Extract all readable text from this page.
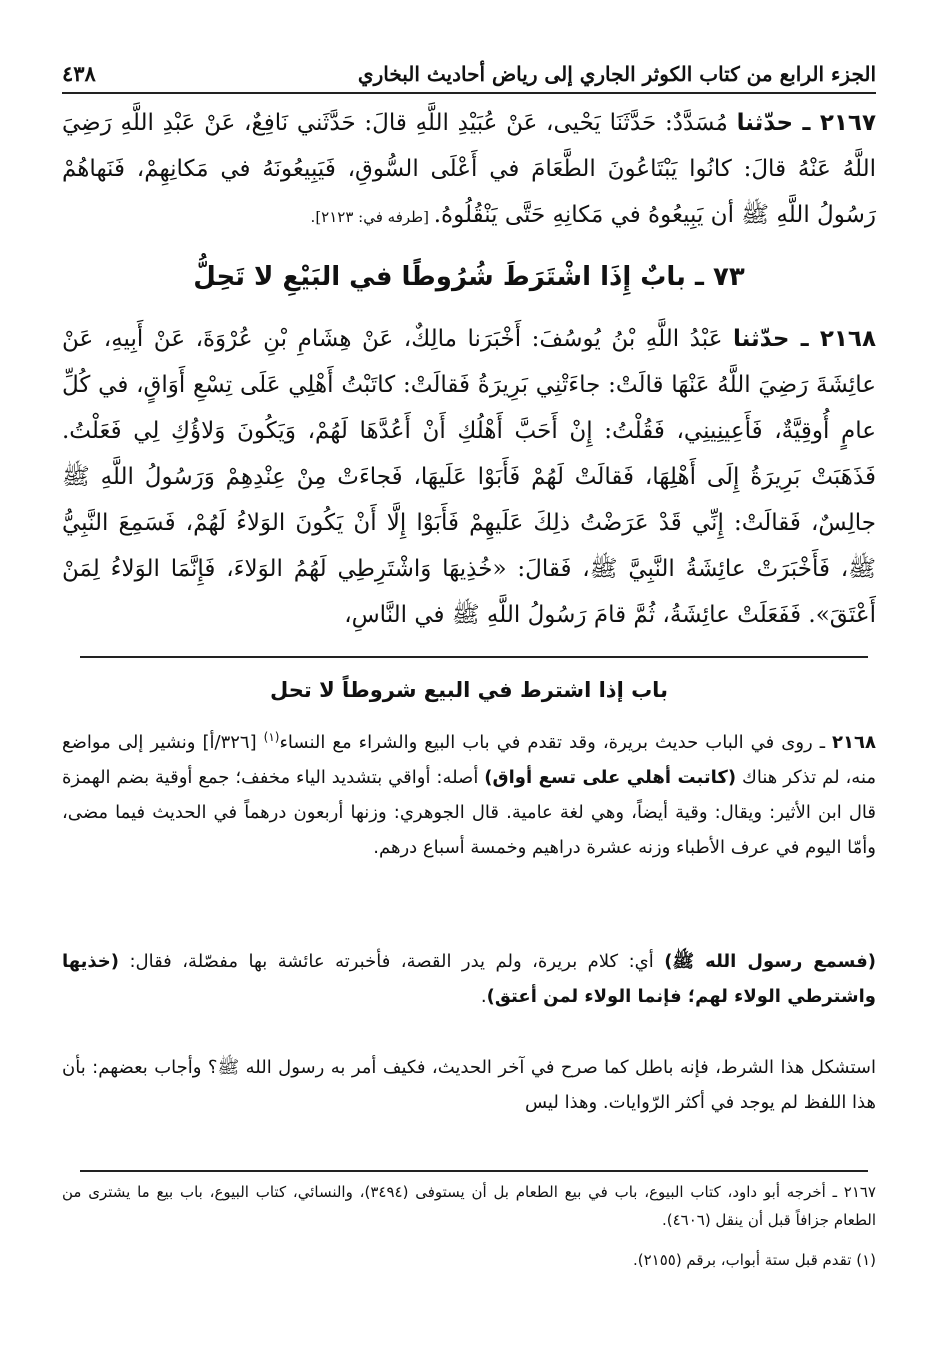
الجزء الرابع من كتاب الكوثر الجاري إلى رياض أحاديث البخاري
٤٣٨

٢١٦٧ ـ حدّثنا مُسَدَّدٌ: حَدَّثَنَا يَحْيى، عَنْ عُبَيْدِ اللَّهِ قالَ: حَدَّثَني نَافِعٌ، عَنْ عَبْدِ اللَّهِ رَضِيَ اللَّهُ عَنْهُ قالَ: كانُوا يَبْتَاعُونَ الطَّعَامَ في أَعْلَى السُّوقِ، فَيَبِيعُونَهُ في مَكانِهِمْ، فَنَهاهُمْ رَسُولُ اللَّهِ ﷺ أن يَبِيعُوهُ في مَكانِهِ حَتَّى يَنْقُلُوهُ. [طرفه في: ٢١٢٣].

٧٣ ـ بابٌ إِذَا اشْتَرَطَ شُرُوطًا في البَيْعِ لا تَحِلُّ

٢١٦٨ ـ حدّثنا عَبْدُ اللَّهِ بْنُ يُوسُفَ: أَخْبَرَنا مالِكٌ، عَنْ هِشَامِ بْنِ عُرْوَةَ، عَنْ أَبِيهِ، عَنْ عائِشَةَ رَضِيَ اللَّهُ عَنْهَا قالَتْ: جاءَتْنِي بَرِيرَةُ فَقالَتْ: كاتَبْتُ أَهْلِي عَلَى تِسْعِ أَوَاقٍ، في كُلِّ عامٍ أُوقِيَّةٌ، فَأَعِينِينِي، فَقُلْتُ: إِنْ أَحَبَّ أَهْلُكِ أَنْ أَعُدَّهَا لَهُمْ، وَيَكُونَ وَلاؤُكِ لِي فَعَلْتُ. فَذَهَبَتْ بَرِيرَةُ إِلَى أَهْلِهَا، فَقالَتْ لَهُمْ فَأَبَوْا عَلَيهَا، فَجاءَتْ مِنْ عِنْدِهِمْ وَرَسُولُ اللَّهِ ﷺ جالِسٌ، فَقالَتْ: إِنِّي قَدْ عَرَضْتُ ذلِكَ عَلَيهِمْ فَأَبَوْا إِلَّا أَنْ يَكُونَ الوَلاءُ لَهُمْ، فَسَمِعَ النَّبِيُّ ﷺ، فَأَخْبَرَتْ عائِشَةُ النَّبِيَّ ﷺ، فَقالَ: «خُذِيهَا وَاشْتَرِطِي لَهُمُ الوَلاءَ، فَإِنَّمَا الوَلاءُ لِمَنْ أَعْتَقَ». فَفَعَلَتْ عائِشَةُ، ثُمَّ قامَ رَسُولُ اللَّهِ ﷺ في النَّاسِ،

باب إذا اشترط في البيع شروطاً لا تحل

٢١٦٨ ـ روى في الباب حديث بريرة، وقد تقدم في باب البيع والشراء مع النساء$^{(١)}$ [٣٢٦/أ] ونشير إلى مواضع منه، لم تذكر هناك (كاتبت أهلي على تسع أواق) أصله: أواقي بتشديد الياء مخفف؛ جمع أوقية بضم الهمزة قال ابن الأثير: ويقال: وقية أيضاً، وهي لغة عامية. قال الجوهري: وزنها أربعون درهماً في الحديث فيما مضى، وأمّا اليوم في عرف الأطباء وزنه عشرة دراهيم وخمسة أسباع درهم.

(فسمع رسول الله ﷺ) أي: كلام بريرة، ولم يدر القصة، فأخبرته عائشة بها مفصّلة، فقال: (خذيها واشترطي الولاء لهم؛ فإنما الولاء لمن أعتق).

استشكل هذا الشرط، فإنه باطل كما صرح في آخر الحديث، فكيف أمر به رسول الله ﷺ؟ وأجاب بعضهم: بأن هذا اللفظ لم يوجد في أكثر الرّوايات. وهذا ليس

٢١٦٧ ـ أخرجه أبو داود، كتاب البيوع، باب في بيع الطعام بل أن يستوفى (٣٤٩٤)، والنسائي، كتاب البيوع، باب بيع ما يشترى من الطعام جزافاً قبل أن ينقل (٤٦٠٦).

(١) تقدم قبل ستة أبواب، برقم (٢١٥٥).
